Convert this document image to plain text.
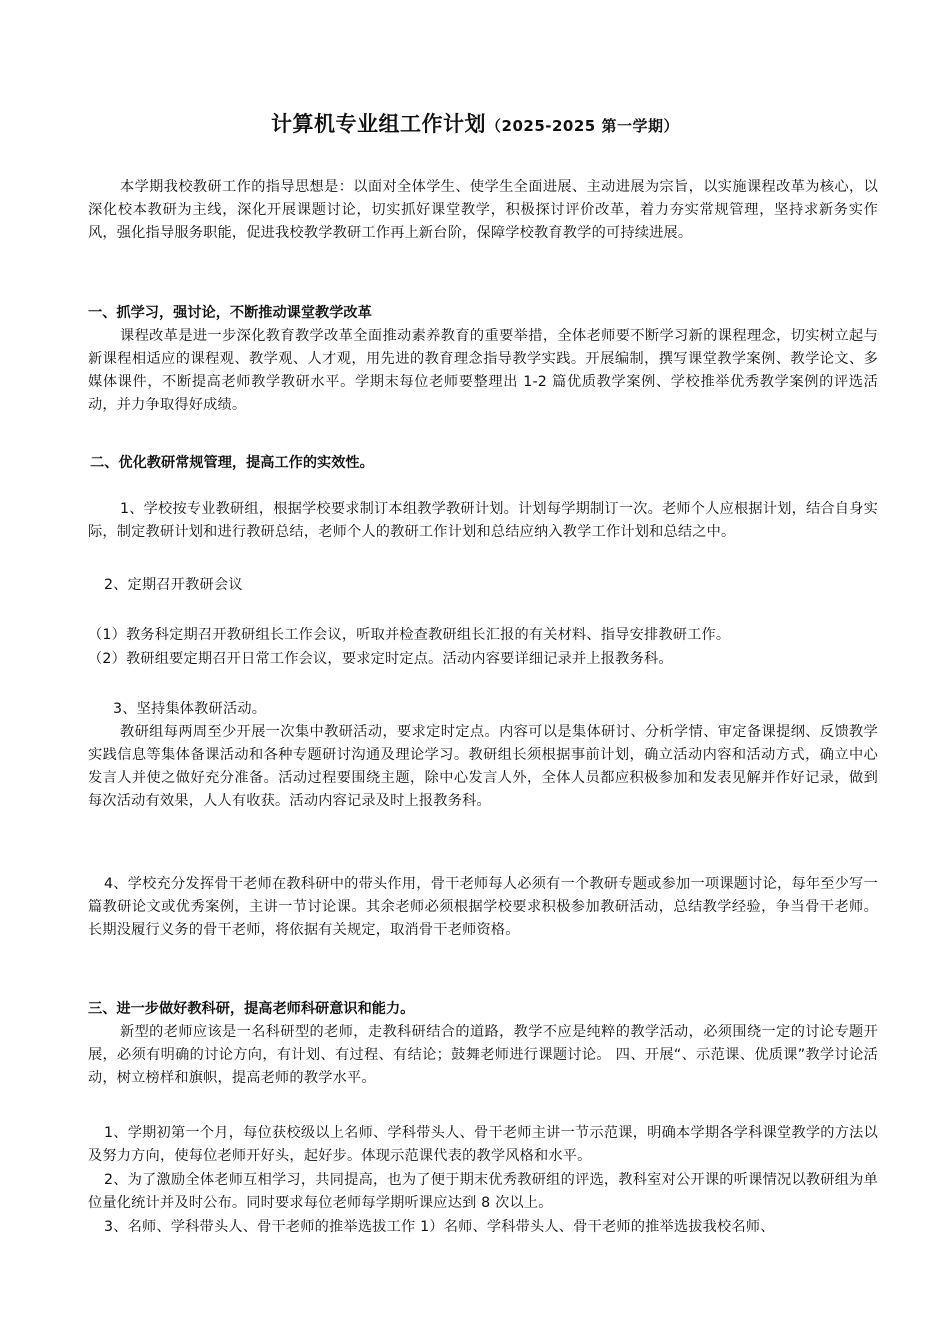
计算机专业组工作计划（2025-2025 第一学期）
本学期我校教研工作的指导思想是：以面对全体学生、使学生全面进展、主动进展为宗旨，以实施课程改革为核心，以深化校本教研为主线，深化开展课题讨论，切实抓好课堂教学，积极探讨评价改革，着力夯实常规管理，坚持求新务实作风，强化指导服务职能，促进我校教学教研工作再上新台阶，保障学校教育教学的可持续进展。
一、抓学习，强讨论，不断推动课堂教学改革
课程改革是进一步深化教育教学改革全面推动素养教育的重要举措，全体老师要不断学习新的课程理念，切实树立起与新课程相适应的课程观、教学观、人才观，用先进的教育理念指导教学实践。开展编制，撰写课堂教学案例、教学论文、多媒体课件，不断提高老师教学教研水平。学期末每位老师要整理出 1-2 篇优质教学案例、学校推举优秀教学案例的评选活动，并力争取得好成绩。
二、优化教研常规管理，提高工作的实效性。
1、学校按专业教研组，根据学校要求制订本组教学教研计划。计划每学期制订一次。老师个人应根据计划，结合自身实际，制定教研计划和进行教研总结，老师个人的教研工作计划和总结应纳入教学工作计划和总结之中。
2、定期召开教研会议
（1）教务科定期召开教研组长工作会议，听取并检查教研组长汇报的有关材料、指导安排教研工作。
（2）教研组要定期召开日常工作会议，要求定时定点。活动内容要详细记录并上报教务科。
3、坚持集体教研活动。
教研组每两周至少开展一次集中教研活动，要求定时定点。内容可以是集体研讨、分析学情、审定备课提纲、反馈教学实践信息等集体备课活动和各种专题研讨沟通及理论学习。教研组长须根据事前计划，确立活动内容和活动方式，确立中心发言人并使之做好充分准备。活动过程要围绕主题，除中心发言人外，全体人员都应积极参加和发表见解并作好记录，做到每次活动有效果，人人有收获。活动内容记录及时上报教务科。
4、学校充分发挥骨干老师在教科研中的带头作用，骨干老师每人必须有一个教研专题或参加一项课题讨论，每年至少写一篇教研论文或优秀案例，主讲一节讨论课。其余老师必须根据学校要求积极参加教研活动，总结教学经验，争当骨干老师。长期没履行义务的骨干老师，将依据有关规定，取消骨干老师资格。
三、进一步做好教科研，提高老师科研意识和能力。
新型的老师应该是一名科研型的老师，走教科研结合的道路，教学不应是纯粹的教学活动，必须围绕一定的讨论专题开展，必须有明确的讨论方向，有计划、有过程、有结论；鼓舞老师进行课题讨论。 四、开展“、示范课、优质课”教学讨论活动，树立榜样和旗帜，提高老师的教学水平。
1、学期初第一个月，每位获校级以上名师、学科带头人、骨干老师主讲一节示范课，明确本学期各学科课堂教学的方法以及努力方向，使每位老师开好头，起好步。体现示范课代表的教学风格和水平。
2、为了激励全体老师互相学习，共同提高，也为了便于期末优秀教研组的评选，教科室对公开课的听课情况以教研组为单位量化统计并及时公布。同时要求每位老师每学期听课应达到 8 次以上。
3、名师、学科带头人、骨干老师的推举选拔工作 1）名师、学科带头人、骨干老师的推举选拔我校名师、
